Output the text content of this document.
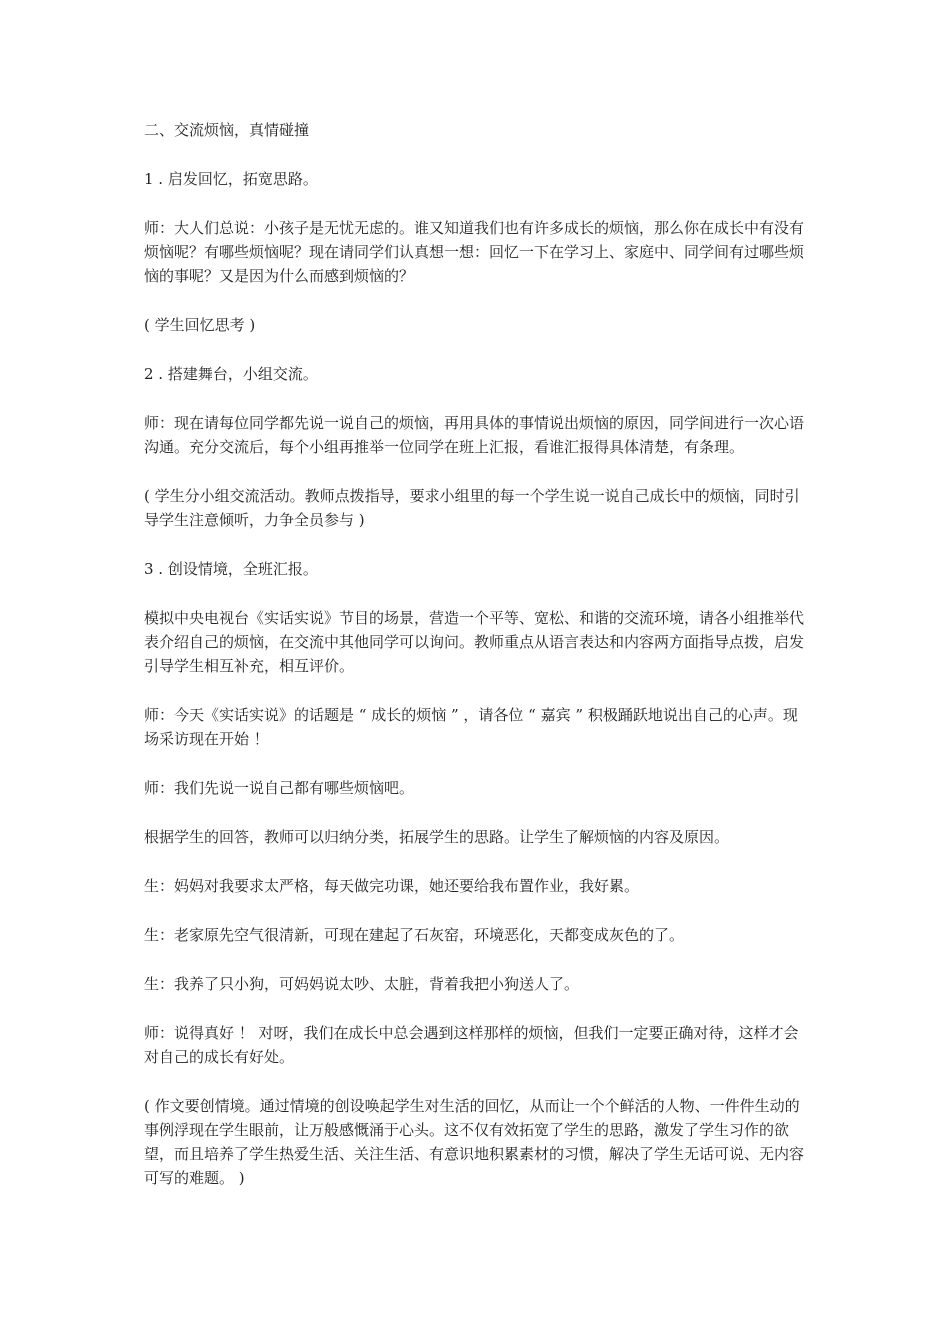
二、交流烦恼，真情碰撞

1 . 启发回忆，拓宽思路。

师：大人们总说：小孩子是无忧无虑的。谁又知道我们也有许多成长的烦恼，那么你在成长中有没有烦恼呢？有哪些烦恼呢？现在请同学们认真想一想：回忆一下在学习上、家庭中、同学间有过哪些烦恼的事呢？又是因为什么而感到烦恼的？

( 学生回忆思考 )

2 . 搭建舞台，小组交流。

师：现在请每位同学都先说一说自己的烦恼，再用具体的事情说出烦恼的原因，同学间进行一次心语沟通。充分交流后，每个小组再推举一位同学在班上汇报，看谁汇报得具体清楚，有条理。

( 学生分小组交流活动。教师点拨指导，要求小组里的每一个学生说一说自己成长中的烦恼，同时引导学生注意倾听，力争全员参与 )

3 . 创设情境，全班汇报。

模拟中央电视台《实话实说》节目的场景，营造一个平等、宽松、和谐的交流环境，请各小组推举代表介绍自己的烦恼，在交流中其他同学可以询问。教师重点从语言表达和内容两方面指导点拨，启发引导学生相互补充，相互评价。

师：今天《实话实说》的话题是 “ 成长的烦恼 ” ，请各位 “ 嘉宾 ” 积极踊跃地说出自己的心声。现场采访现在开始 ！

师：我们先说一说自己都有哪些烦恼吧。

根据学生的回答，教师可以归纳分类，拓展学生的思路。让学生了解烦恼的内容及原因。

生：妈妈对我要求太严格，每天做完功课，她还要给我布置作业，我好累。

生：老家原先空气很清新，可现在建起了石灰窑，环境恶化，天都变成灰色的了。

生：我养了只小狗，可妈妈说太吵、太脏，背着我把小狗送人了。

师：说得真好 ！ 对呀，我们在成长中总会遇到这样那样的烦恼，但我们一定要正确对待，这样才会对自己的成长有好处。

( 作文要创情境。通过情境的创设唤起学生对生活的回忆，从而让一个个鲜活的人物、一件件生动的事例浮现在学生眼前，让万般感慨涌于心头。这不仅有效拓宽了学生的思路，激发了学生习作的欲望，而且培养了学生热爱生活、关注生活、有意识地积累素材的习惯，解决了学生无话可说、无内容可写的难题。 )
